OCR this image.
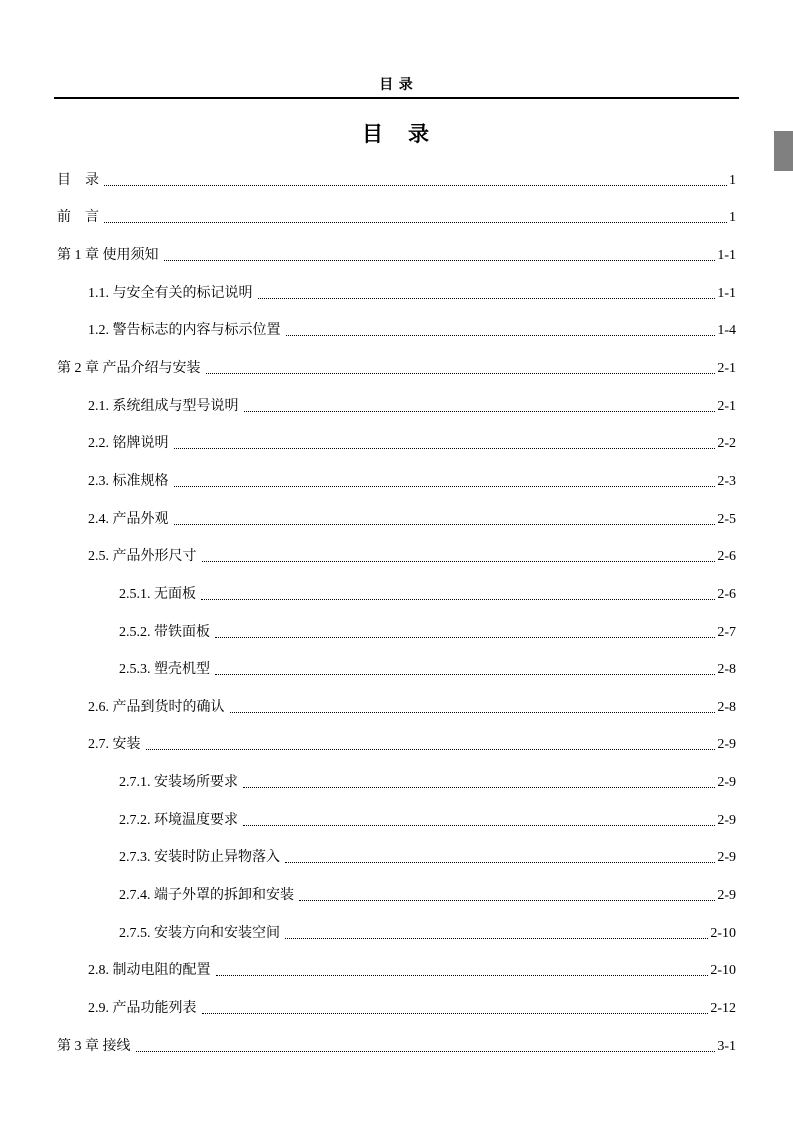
目 录
目　录
目　录	1
前　言	1
第 1 章 使用须知	1-1
1.1. 与安全有关的标记说明	1-1
1.2. 警告标志的内容与标示位置	1-4
第 2 章 产品介绍与安装	2-1
2.1. 系统组成与型号说明	2-1
2.2. 铭牌说明	2-2
2.3. 标准规格	2-3
2.4. 产品外观	2-5
2.5. 产品外形尺寸	2-6
2.5.1. 无面板	2-6
2.5.2. 带铁面板	2-7
2.5.3. 塑壳机型	2-8
2.6. 产品到货时的确认	2-8
2.7. 安装	2-9
2.7.1. 安装场所要求	2-9
2.7.2. 环境温度要求	2-9
2.7.3. 安装时防止异物落入	2-9
2.7.4. 端子外罩的拆卸和安装	2-9
2.7.5. 安装方向和安装空间	2-10
2.8. 制动电阻的配置	2-10
2.9. 产品功能列表	2-12
第 3 章 接线	3-1
